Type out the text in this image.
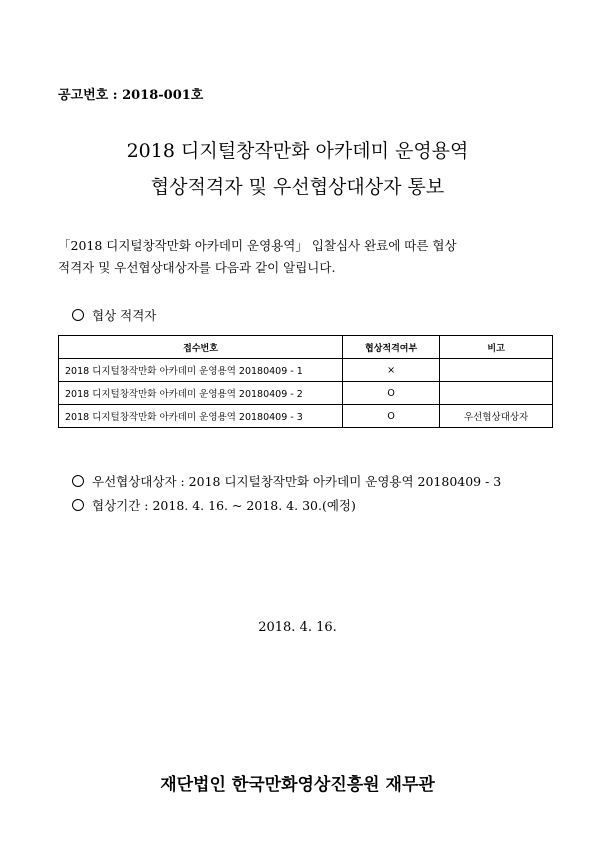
공고번호 : 2018-001호
2018 디지털창작만화 아카데미 운영용역
협상적격자 및 우선협상대상자 통보
「2018 디지털창작만화 아카데미 운영용역」 입찰심사 완료에 따른 협상
적격자 및 우선협상대상자를 다음과 같이 알립니다.
협상 적격자
접수번호	협상적격여부	비고
2018 디지털창작만화 아카데미 운영용역 20180409 - 1	×	
2018 디지털창작만화 아카데미 운영용역 20180409 - 2	O	
2018 디지털창작만화 아카데미 운영용역 20180409 - 3	O	우선협상대상자
우선협상대상자 : 2018 디지털창작만화 아카데미 운영용역 20180409 - 3
협상기간 : 2018. 4. 16. ~ 2018. 4. 30.(예정)
2018. 4. 16.
재단법인 한국만화영상진흥원 재무관
